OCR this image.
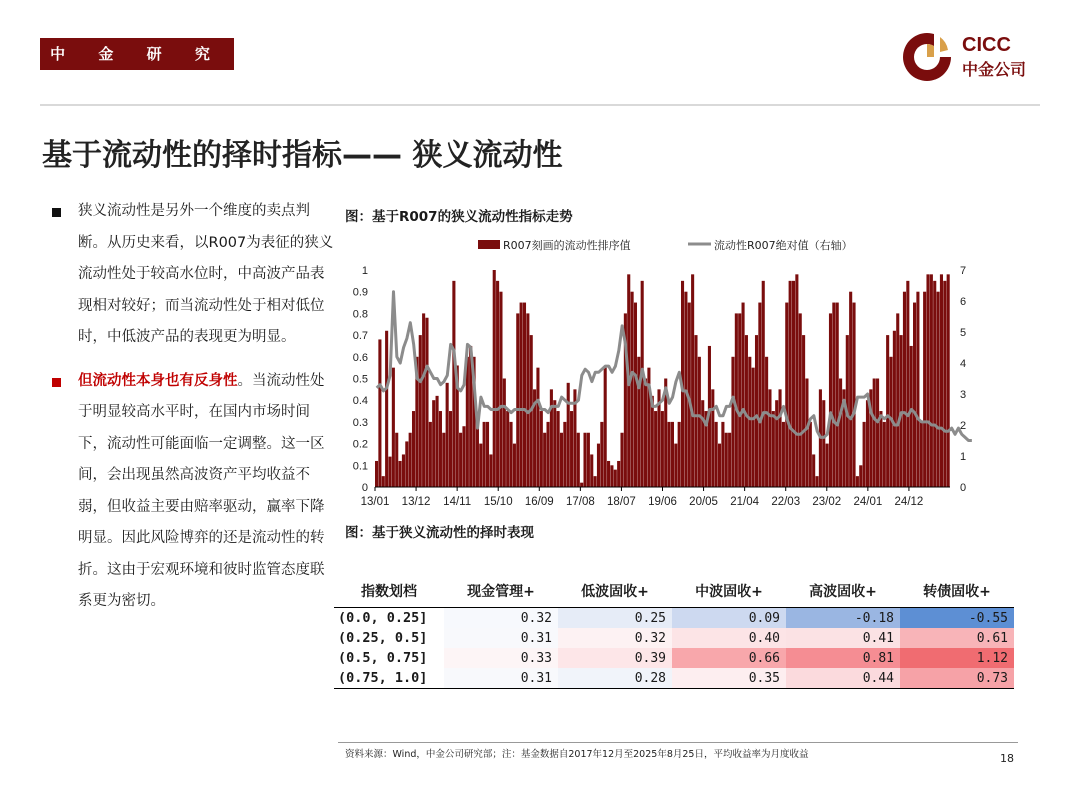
中 金 研 究 部
CICC
中金公司
基于流动性的择时指标—— 狭义流动性
狭义流动性是另外一个维度的卖点判断。从历史来看，以R007为表征的狭义流动性处于较高水位时，中高波产品表现相对较好；而当流动性处于相对低位时，中低波产品的表现更为明显。
但流动性本身也有反身性。当流动性处于明显较高水平时，在国内市场时间下，流动性可能面临一定调整。这一区间，会出现虽然高波资产平均收益不弱，但收益主要由赔率驱动，赢率下降明显。因此风险博弈的还是流动性的转折。这由于宏观环境和彼时监管态度联系更为密切。
图：基于R007的狭义流动性指标走势
R007刻画的流动性排序值	流动性R007绝对值（右轴）
0
0.1
0.2
0.3
0.4
0.5
0.6
0.7
0.8
0.9
1
0
1
2
3
4
5
6
7
13/01 13/12 14/11 15/10 16/09 17/08 18/07 19/06 20/05 21/04 22/03 23/02 24/01 24/12
图：基于狭义流动性的择时表现
指数划档	现金管理+	低波固收+	中波固收+	高波固收+	转债固收+
(0.0, 0.25]	0.32	0.25	0.09	-0.18	-0.55
(0.25, 0.5]	0.31	0.32	0.40	0.41	0.61
(0.5, 0.75]	0.33	0.39	0.66	0.81	1.12
(0.75, 1.0]	0.31	0.28	0.35	0.44	0.73
资料来源：Wind，中金公司研究部；注：基金数据自2017年12月至2025年8月25日，平均收益率为月度收益	18
